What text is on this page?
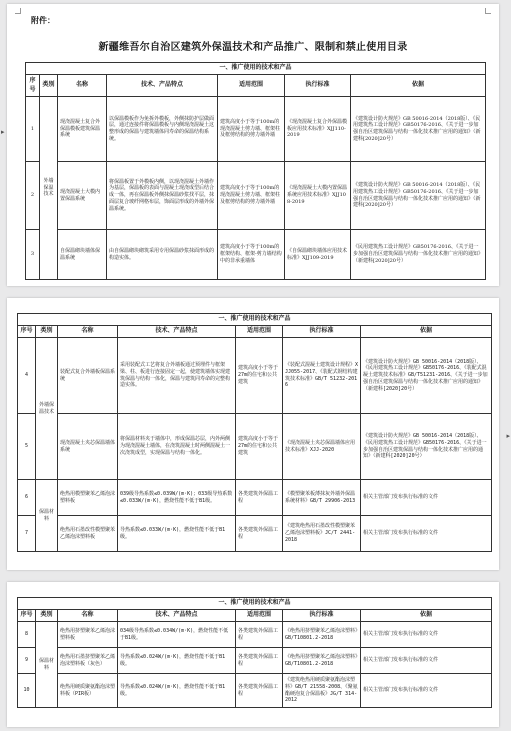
附件：
新疆维吾尔自治区建筑外保温技术和产品推广、限制和禁止使用目录
一、推广使用的技术和产品						
序号	类别	名称	技术、产品特点	适用范围	执行标准	依据
1	外墙保温技术	现浇混凝土复合外保温模板建筑保温系统	以保温模板作为免拆外模板，外侧抹防护层做面层，通过连接件将保温模板与内侧现浇混凝土这整形成的保温与建筑墙体同寿命的保温结构系统。	建筑高度小于等于100m的现浇混凝土剪力墙、框架柱及框剪结构的剪力墙外墙	《现浇混凝土复合外保温模板应用技术标准》XJJ110-2019	《建筑设计防火规范》GB 50016-2014（2018版）、《民用建筑热工设计规范》GB50176-2016、《关于进一步加强自治区建筑保温与结构一体化技术推广应用的通知》（新建科[2020]20号）
2		现浇混凝土大模内置保温系统	将保温板置于外模板内侧，以现浇混凝土外墙作为基层，保温板的表面与混凝土现浇成型后结合成一体，再在保温板外侧抹保温砂浆找平层，抹面层复合玻纤网格布层，饰面层形成的外墙外保温系统。	建筑高度小于等于100m的现浇混凝土剪力墙、框架柱及框剪结构的剪力墙外墙	《现浇混凝土大模内置保温系统应用技术标准》XJJ108-2019	《建筑设计防火规范》GB 50016-2014（2018版）、《民用建筑热工设计规范》GB50176-2016、《关于进一步加强自治区建筑保温与结构一体化技术推广应用的通知》（新建科[2020]20号）
3		自保温砌块墙体保温系统	由自保温砌块砌筑采用专用保温砂浆抹面形成的构造实体。	建筑高度小于等于100m的框架结构、框架-剪力墙结构中的非承重墙体	《自保温砌块墙体应用技术标准》XJJ109-2019	《民用建筑热工设计规范》GB50176-2016、《关于进一步加强自治区建筑保温与结构一体化技术推广应用的通知》（新建科[2020]20号）
▸
一、推广使用的技术和产品						
序号	类别	名称	技术、产品特点	适用范围	执行标准	依据
4	外墙保温技术	装配式复合外墙板保温系统	采用装配式工艺将复合外墙板通过预埋件与框架梁、柱、板进行连接固定一起，使建筑墙体实现建筑保温与结构一体化，保温与建筑同寿命的完整构造实体。	建筑高度小于等于27m的住宅和公共建筑	《装配式混凝土建筑设计规程》XJJ055-2017、《装配式钢结构建筑技术标准》GB/T 51232-2016	《建筑设计防火规范》GB 50016-2014（2018版）、《民用建筑热工设计规范》GB50176-2016、《装配式混凝土建筑技术标准》GB/T51231-2016、《关于进一步加强自治区建筑保温与结构一体化技术推广应用的通知》（新建科[2020]20号）
5		现浇混凝土夹芯保温墙体系统	将保温材料夹于墙体中，形成保温芯层，内外两侧为现浇混凝土墙体，在浇筑混凝土时两侧混凝土一次浇筑成型，实现保温与结构一体化。	建筑高度小于等于27m的住宅和公共建筑	《现浇混凝土夹芯保温墙体应用技术标准》XJJ-2020	《建筑设计防火规范》GB 50016-2014（2018版）、《民用建筑热工设计规范》GB50176-2016、《关于进一步加强自治区建筑保温与结构一体化技术推广应用的通知》（新建科[2020]20号）
6	保温材料	绝热用模塑聚苯乙烯泡沫塑料板	039级导热系数≤0.039W/(m·K)；033级导热系数≤0.033W/(m·K)，燃烧性能不低于B1级。	各类建筑外保温工程	《模塑聚苯板薄抹灰外墙外保温系统材料》GB/T 29906-2013	相关主管部门发布执行标准的文件
7		绝热用石墨改性模塑聚苯乙烯泡沫塑料板	导热系数≤0.033W/(m·K)，燃烧性能不低于B1级。	各类建筑外保温工程	《建筑绝热用石墨改性模塑聚苯乙烯泡沫塑料板》JC/T 2441-2018	相关主管部门发布执行标准的文件
▸
一、推广使用的技术和产品						
序号	类别	名称	技术、产品特点	适用范围	执行标准	依据
8	保温材料	绝热用挤塑聚苯乙烯泡沫塑料板	034级导热系数≤0.034W/(m·K)，燃烧性能不低于B1级。	各类建筑外保温工程	《绝热用挤塑聚苯乙烯泡沫塑料》GB/T10801.2-2018	相关主管部门发布执行标准的文件
9		绝热用石墨挤塑聚苯乙烯泡沫塑料板（灰色）	导热系数≤0.024W/(m·K)，燃烧性能不低于B1级。	各类建筑外保温工程	《绝热用挤塑聚苯乙烯泡沫塑料》GB/T10801.2-2018	相关主管部门发布执行标准的文件
10		绝热用硬质聚氨酯泡沫塑料板（PIR板）	导热系数≤0.024W/(m·K)，燃烧性能不低于B1级。	各类建筑外保温工程	《建筑绝热用硬质聚氨酯泡沫塑料》GB/T 21558-2008、《聚氨酯硬泡复合保温板》JG/T 314-2012	相关主管部门发布执行标准的文件
